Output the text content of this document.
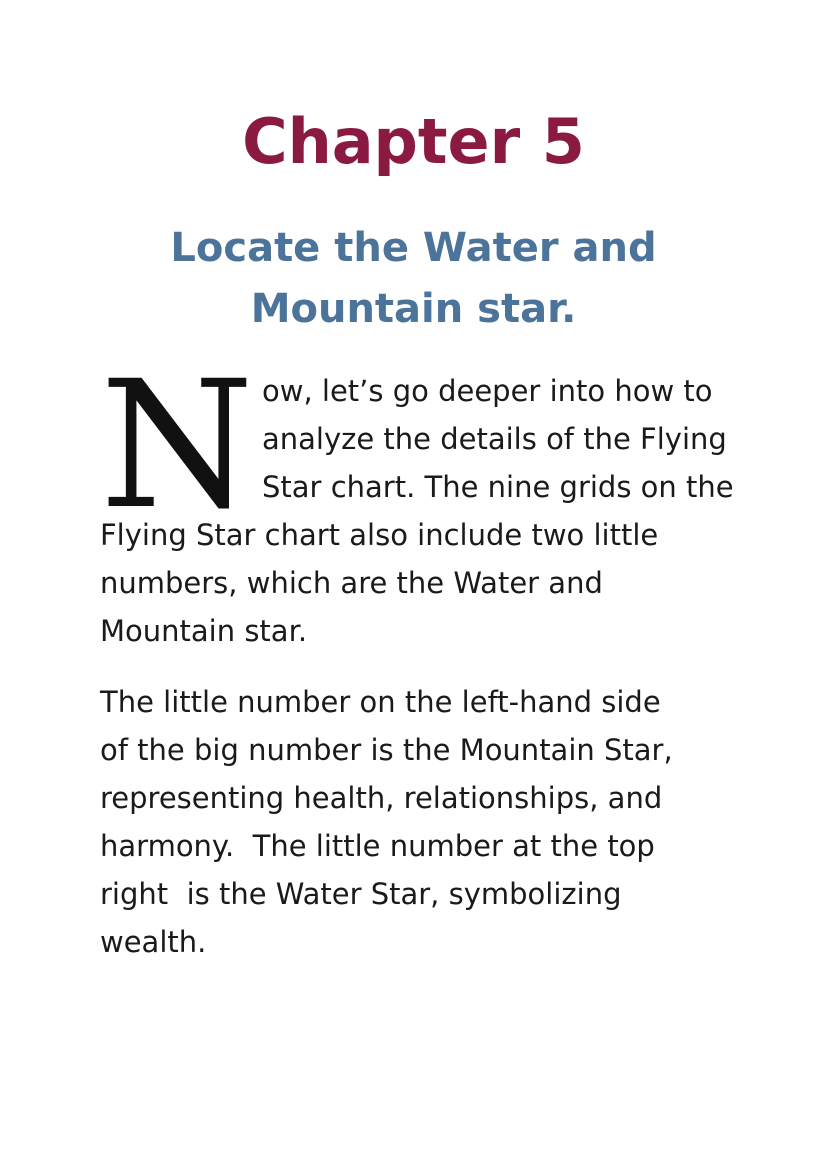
Chapter 5
Locate the Water and
Mountain star.

N ow, let’s go deeper into how to
analyze the details of the Flying
Star chart. The nine grids on the
Flying Star chart also include two little
numbers, which are the Water and
Mountain star.

The little number on the left-hand side
of the big number is the Mountain Star,
representing health, relationships, and
harmony.  The little number at the top
right  is the Water Star, symbolizing
wealth.
